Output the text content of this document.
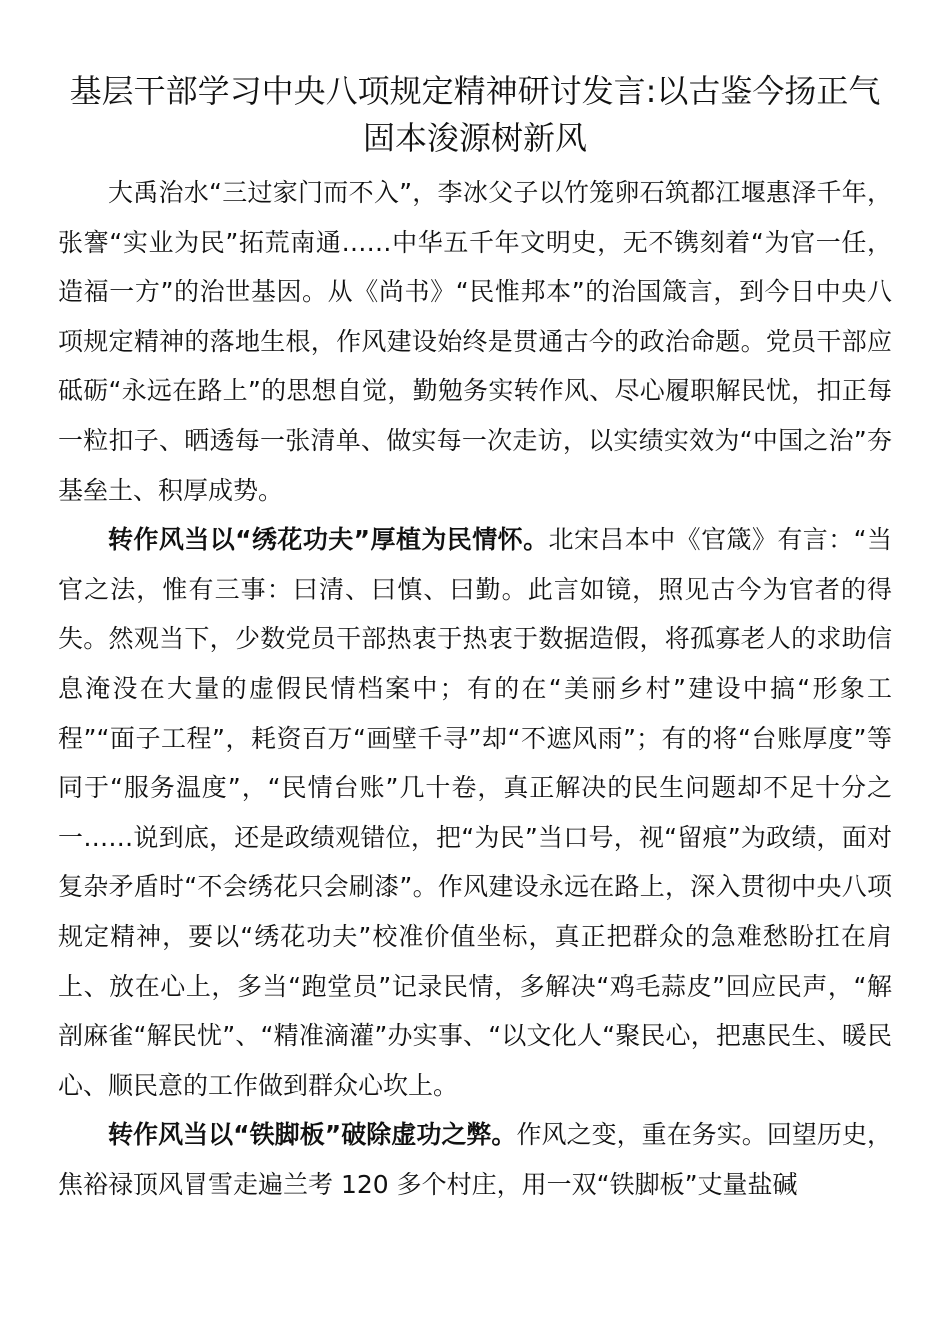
基层干部学习中央八项规定精神研讨发言:以古鉴今扬正气固本浚源树新风

大禹治水“三过家门而不入”，李冰父子以竹笼卵石筑都江堰惠泽千年，张謇“实业为民”拓荒南通……中华五千年文明史，无不镌刻着“为官一任，造福一方”的治世基因。从《尚书》“民惟邦本”的治国箴言，到今日中央八项规定精神的落地生根，作风建设始终是贯通古今的政治命题。党员干部应砥砺“永远在路上”的思想自觉，勤勉务实转作风、尽心履职解民忧，扣正每一粒扣子、晒透每一张清单、做实每一次走访，以实绩实效为“中国之治”夯基垒土、积厚成势。

转作风当以“绣花功夫”厚植为民情怀。北宋吕本中《官箴》有言：“当官之法，惟有三事：曰清、曰慎、曰勤。此言如镜，照见古今为官者的得失。然观当下，少数党员干部热衷于热衷于数据造假，将孤寡老人的求助信息淹没在大量的虚假民情档案中；有的在“美丽乡村”建设中搞“形象工程”“面子工程”，耗资百万“画壁千寻”却“不遮风雨”；有的将“台账厚度”等同于“服务温度”，“民情台账”几十卷，真正解决的民生问题却不足十分之一……说到底，还是政绩观错位，把“为民”当口号，视“留痕”为政绩，面对复杂矛盾时“不会绣花只会刷漆”。作风建设永远在路上，深入贯彻中央八项规定精神，要以“绣花功夫”校准价值坐标，真正把群众的急难愁盼扛在肩上、放在心上，多当“跑堂员”记录民情，多解决“鸡毛蒜皮”回应民声，“解剖麻雀“解民忧”、“精准滴灌”办实事、“以文化人“聚民心，把惠民生、暖民心、顺民意的工作做到群众心坎上。

转作风当以“铁脚板”破除虚功之弊。作风之变，重在务实。回望历史，焦裕禄顶风冒雪走遍兰考 120 多个村庄，用一双“铁脚板”丈量盐碱
